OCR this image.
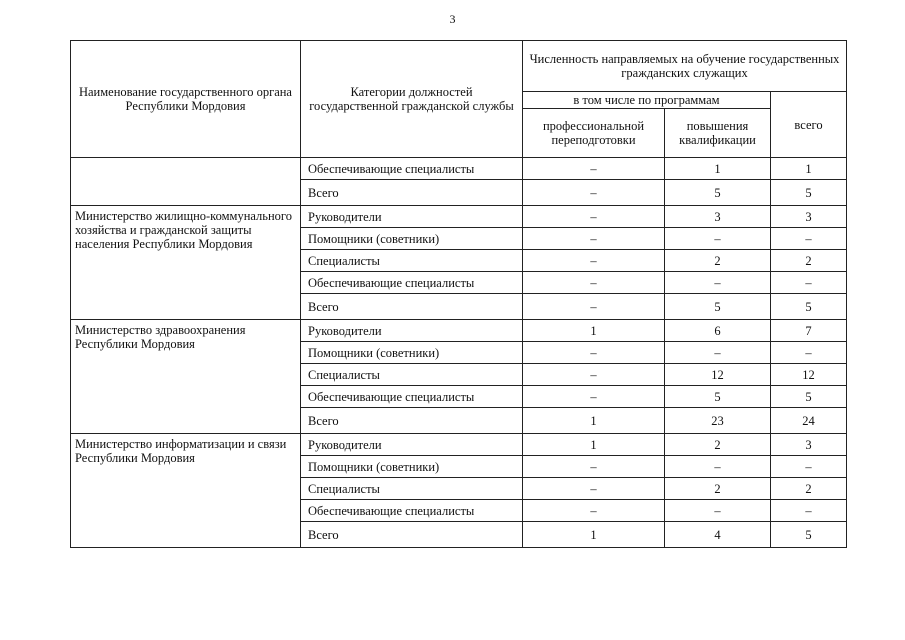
3
Наименование государственного органа Республики Мордовия	Категории должностей государственной гражданской службы	Численность направляемых на обучение государственных гражданских служащих		
		в том числе по программам		всего
		профессиональной переподготовки	повышения квалификации	
	Обеспечивающие специалисты	–	1	1
	Всего	–	5	5
Министерство жилищно-коммунального хозяйства и гражданской защиты населения Республики Мордовия	Руководители	–	3	3
	Помощники (советники)	–	–	–
	Специалисты	–	2	2
	Обеспечивающие специалисты	–	–	–
	Всего	–	5	5
Министерство здравоохранения Республики Мордовия	Руководители	1	6	7
	Помощники (советники)	–	–	–
	Специалисты	–	12	12
	Обеспечивающие специалисты	–	5	5
	Всего	1	23	24
Министерство информатизации и связи Республики Мордовия	Руководители	1	2	3
	Помощники (советники)	–	–	–
	Специалисты	–	2	2
	Обеспечивающие специалисты	–	–	–
	Всего	1	4	5
